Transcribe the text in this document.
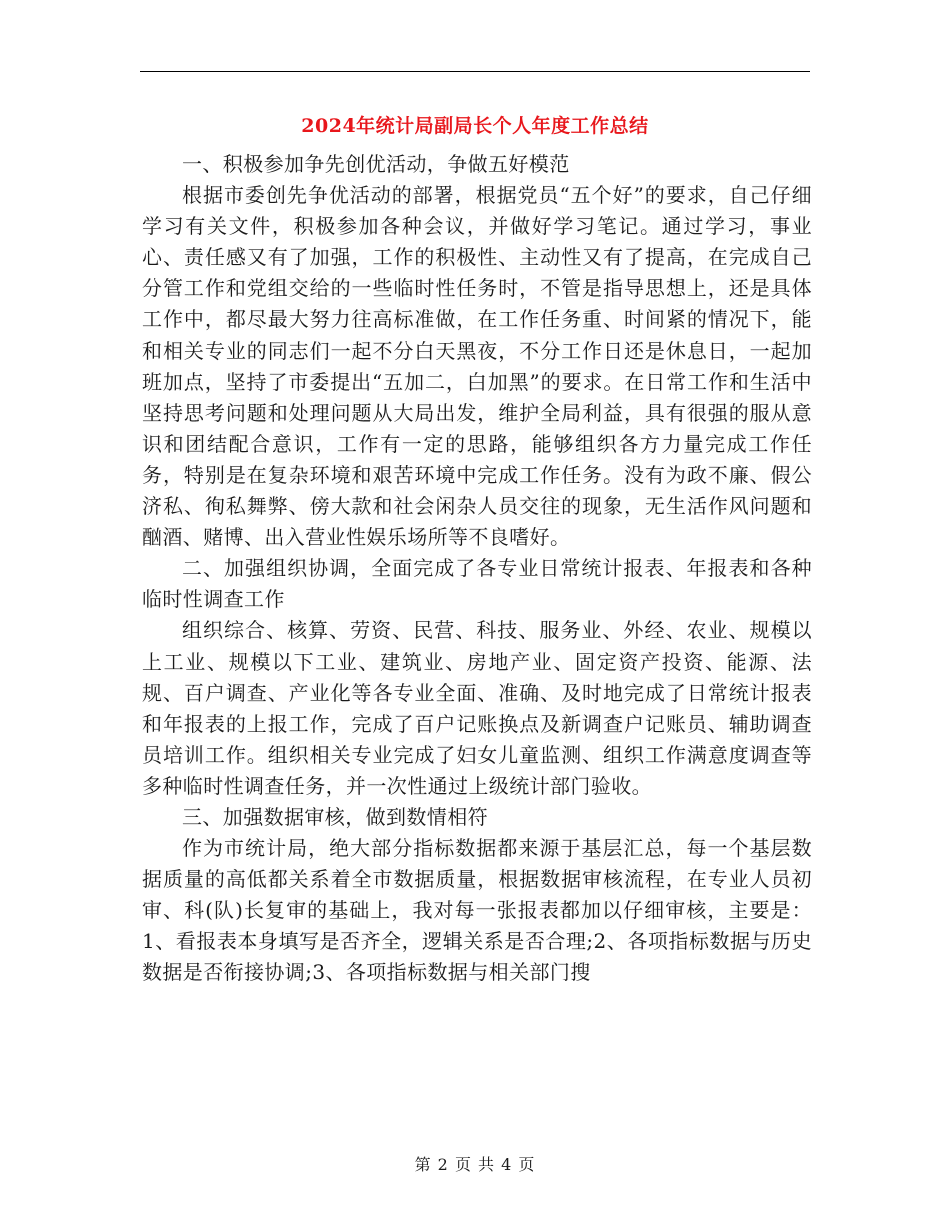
2024年统计局副局长个人年度工作总结

一、积极参加争先创优活动，争做五好模范

根据市委创先争优活动的部署，根据党员“五个好”的要求，自己仔细学习有关文件，积极参加各种会议，并做好学习笔记。通过学习，事业心、责任感又有了加强，工作的积极性、主动性又有了提高，在完成自己分管工作和党组交给的一些临时性任务时，不管是指导思想上，还是具体工作中，都尽最大努力往高标准做，在工作任务重、时间紧的情况下，能和相关专业的同志们一起不分白天黑夜，不分工作日还是休息日，一起加班加点，坚持了市委提出“五加二，白加黑”的要求。在日常工作和生活中坚持思考问题和处理问题从大局出发，维护全局利益，具有很强的服从意识和团结配合意识，工作有一定的思路，能够组织各方力量完成工作任务，特别是在复杂环境和艰苦环境中完成工作任务。没有为政不廉、假公济私、徇私舞弊、傍大款和社会闲杂人员交往的现象，无生活作风问题和酗酒、赌博、出入营业性娱乐场所等不良嗜好。

二、加强组织协调，全面完成了各专业日常统计报表、年报表和各种临时性调查工作

组织综合、核算、劳资、民营、科技、服务业、外经、农业、规模以上工业、规模以下工业、建筑业、房地产业、固定资产投资、能源、法规、百户调查、产业化等各专业全面、准确、及时地完成了日常统计报表和年报表的上报工作，完成了百户记账换点及新调查户记账员、辅助调查员培训工作。组织相关专业完成了妇女儿童监测、组织工作满意度调查等多种临时性调查任务，并一次性通过上级统计部门验收。

三、加强数据审核，做到数情相符

作为市统计局，绝大部分指标数据都来源于基层汇总，每一个基层数据质量的高低都关系着全市数据质量，根据数据审核流程，在专业人员初审、科(队)长复审的基础上，我对每一张报表都加以仔细审核，主要是：1、看报表本身填写是否齐全，逻辑关系是否合理;2、各项指标数据与历史数据是否衔接协调;3、各项指标数据与相关部门搜

第 2 页 共 4 页
